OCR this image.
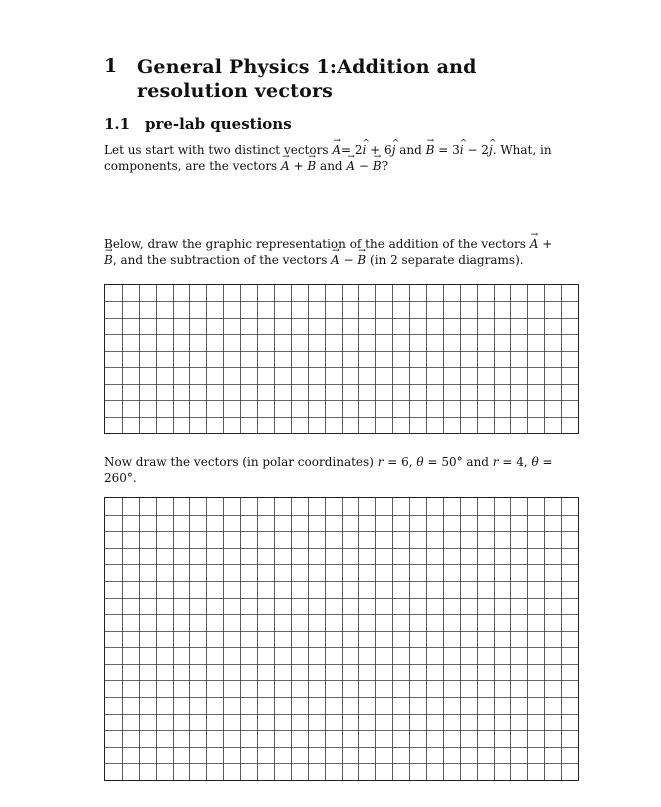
1 General Physics 1:Addition and resolution vectors
1.1 pre-lab questions
Let us start with two distinct vectors → A= 2^ i + 6^ j and → B = 3^ i − 2^ j. What, in components, are the vectors → A + → B and → A − → B?
Below, draw the graphic representation of the addition of the vectors → A + → B, and the subtraction of the vectors → A − → B (in 2 separate diagrams).
Now draw the vectors (in polar coordinates) r = 6, θ = 50° and r = 4, θ = 260°.
